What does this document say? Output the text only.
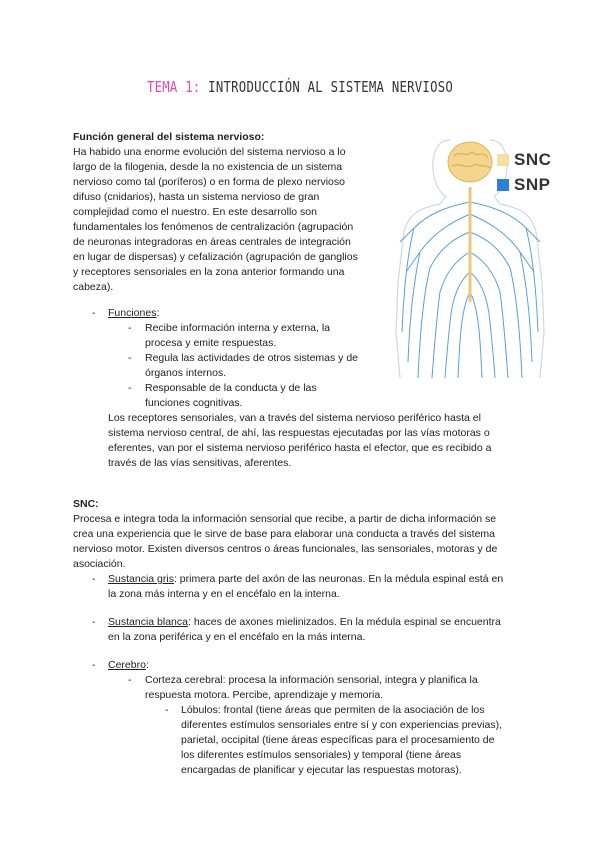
TEMA 1: INTRODUCCIÓN AL SISTEMA NERVIOSO
Función general del sistema nervioso:
Ha habido una enorme evolución del sistema nervioso a lo
largo de la filogenia, desde la no existencia de un sistema
nervioso como tal (poríferos) o en forma de plexo nervioso
difuso (cnidarios), hasta un sistema nervioso de gran
complejidad como el nuestro. En este desarrollo son
fundamentales los fenómenos de centralización (agrupación
de neuronas integradoras en áreas centrales de integración
en lugar de dispersas) y cefalización (agrupación de ganglios
y receptores sensoriales en la zona anterior formando una
cabeza).
- Funciones:
- Recibe información interna y externa, la
procesa y emite respuestas.
- Regula las actividades de otros sistemas y de
órganos internos.
- Responsable de la conducta y de las
funciones cognitivas.
Los receptores sensoriales, van a través del sistema nervioso periférico hasta el
sistema nervioso central, de ahí, las respuestas ejecutadas por las vías motoras o
eferentes, van por el sistema nervioso periférico hasta el efector, que es recibido a
través de las vías sensitivas, aferentes.
SNC
SNP
SNC:
Procesa e integra toda la información sensorial que recibe, a partir de dicha información se
crea una experiencia que le sirve de base para elaborar una conducta a través del sistema
nervioso motor. Existen diversos centros o áreas funcionales, las sensoriales, motoras y de
asociación.
- Sustancia gris: primera parte del axón de las neuronas. En la médula espinal está en
la zona más interna y en el encéfalo en la interna.
- Sustancia blanca: haces de axones mielinizados. En la médula espinal se encuentra
en la zona periférica y en el encéfalo en la más interna.
- Cerebro:
- Corteza cerebral: procesa la información sensorial, integra y planifica la
respuesta motora. Percibe, aprendizaje y memoria.
- Lóbulos: frontal (tiene áreas que permiten de la asociación de los
diferentes estímulos sensoriales entre sí y con experiencias previas),
parietal, occipital (tiene áreas específicas para el procesamiento de
los diferentes estímulos sensoriales) y temporal (tiene áreas
encargadas de planificar y ejecutar las respuestas motoras).
